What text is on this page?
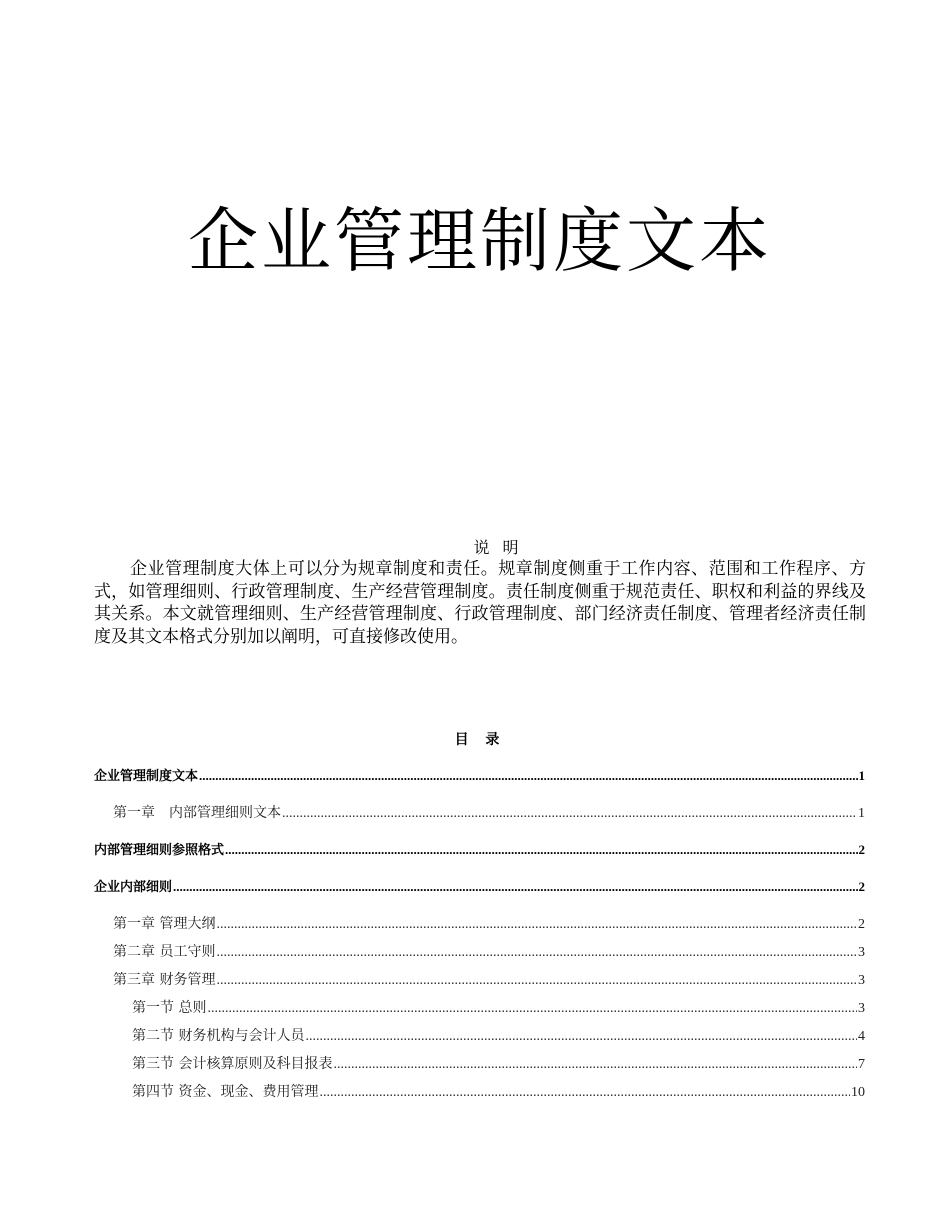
企业管理制度文本
说 明
企业管理制度大体上可以分为规章制度和责任。规章制度侧重于工作内容、范围和工作程序、方式，如管理细则、行政管理制度、生产经营管理制度。责任制度侧重于规范责任、职权和利益的界线及其关系。本文就管理细则、生产经营管理制度、行政管理制度、部门经济责任制度、管理者经济责任制度及其文本格式分别加以阐明，可直接修改使用。
目 录
企业管理制度文本 .....	1
第一章　内部管理细则文本 .....	1
内部管理细则参照格式 .....	2
企业内部细则 .....	2
第一章 管理大纲 .....	2
第二章 员工守则 .....	3
第三章 财务管理 .....	3
第一节 总则 .....	3
第二节 财务机构与会计人员 .....	4
第三节 会计核算原则及科目报表 .....	7
第四节 资金、现金、费用管理 .....	10
